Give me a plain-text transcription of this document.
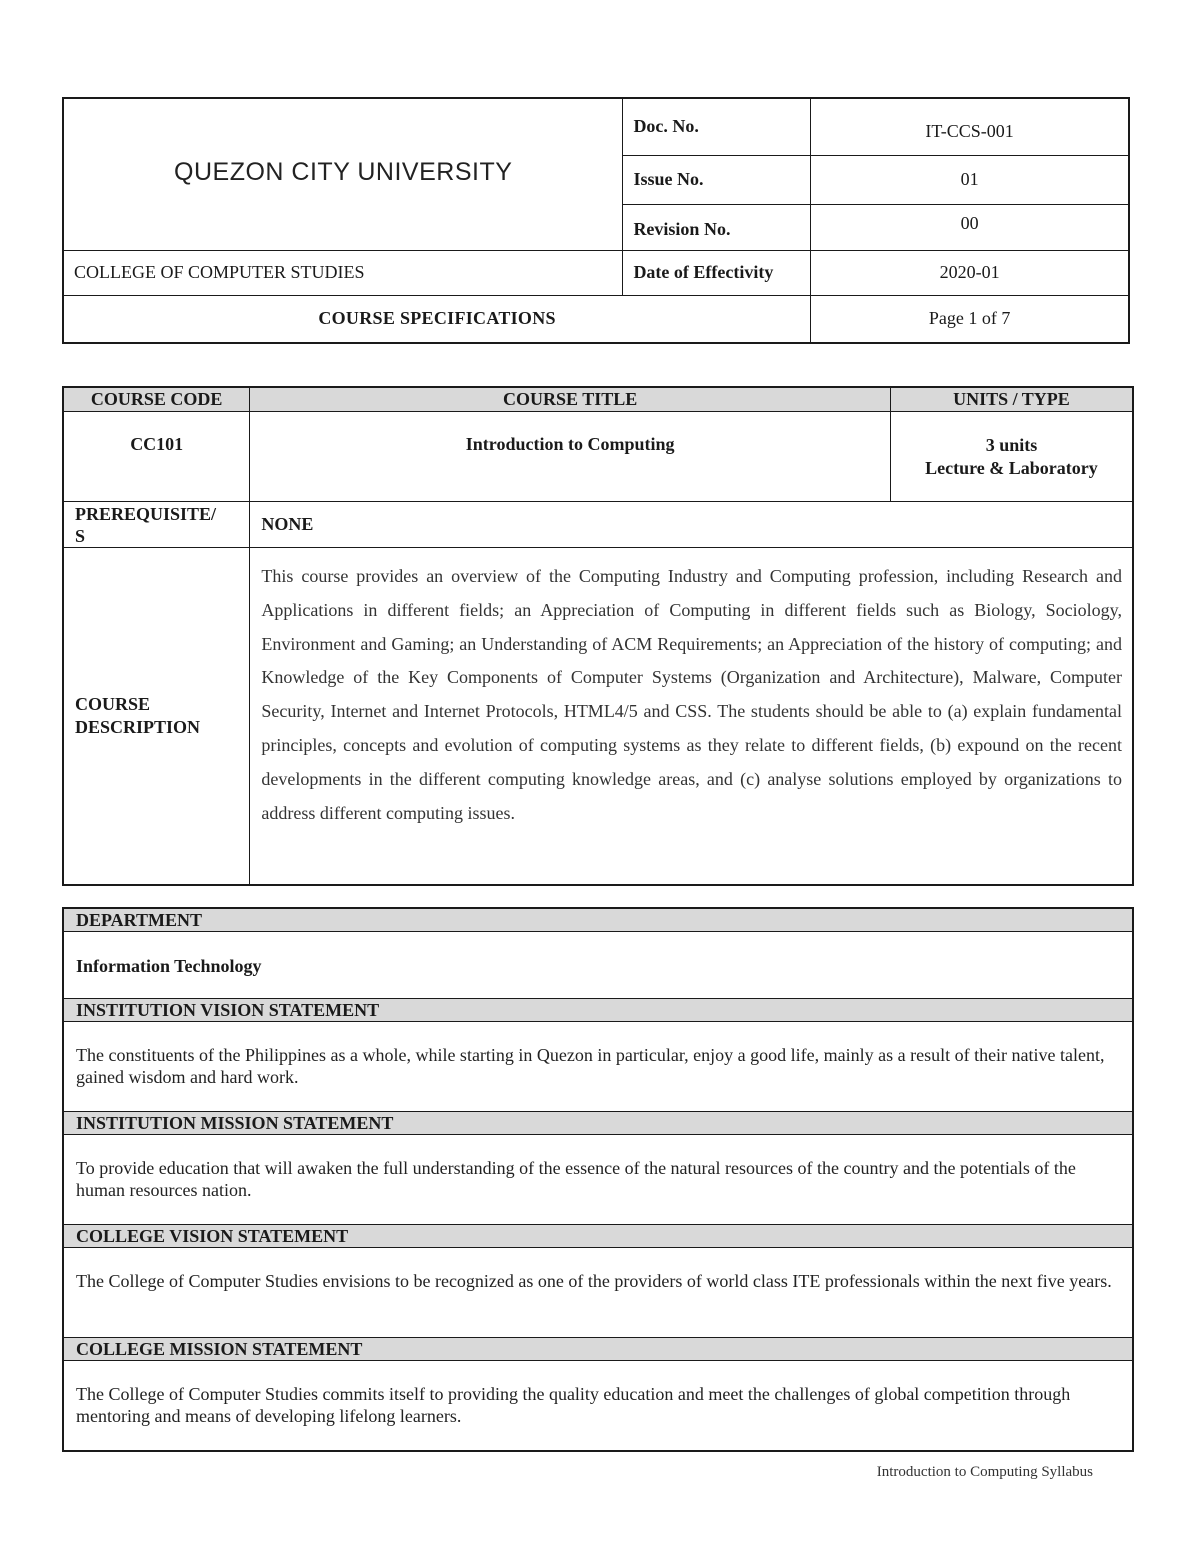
QUEZON CITY UNIVERSITY	Doc. No.	IT-CCS-001
	Issue No.	01
	Revision No.	00
COLLEGE OF COMPUTER STUDIES	Date of Effectivity	2020-01
COURSE SPECIFICATIONS		Page 1 of 7
COURSE CODE	COURSE TITLE	UNITS / TYPE
CC101	Introduction to Computing	3 units
Lecture & Laboratory

PREREQUISITE/
S	NONE	
COURSE DESCRIPTION	This course provides an overview of the Computing Industry and Computing profession, including Research and Applications in different fields; an Appreciation of Computing in different fields such as Biology, Sociology, Environment and Gaming; an Understanding of ACM Requirements; an Appreciation of the history of computing; and Knowledge of the Key Components of Computer Systems (Organization and Architecture), Malware, Computer Security, Internet and Internet Protocols, HTML4/5 and CSS. The students should be able to (a) explain fundamental principles, concepts and evolution of computing systems as they relate to different fields, (b) expound on the recent developments in the different computing knowledge areas, and (c) analyse solutions employed by organizations to address different computing issues.	
DEPARTMENT
Information Technology
INSTITUTION VISION STATEMENT
The constituents of the Philippines as a whole, while starting in Quezon in particular, enjoy a good life, mainly as a result of their native talent, gained wisdom and hard work.
INSTITUTION MISSION STATEMENT
To provide education that will awaken the full understanding of the essence of the natural resources of the country and the potentials of the human resources nation.
COLLEGE VISION STATEMENT
The College of Computer Studies envisions to be recognized as one of the providers of world class ITE professionals within the next five years.
COLLEGE MISSION STATEMENT
The College of Computer Studies commits itself to providing the quality education and meet the challenges of global competition through mentoring and means of developing lifelong learners.
Introduction to Computing Syllabus
